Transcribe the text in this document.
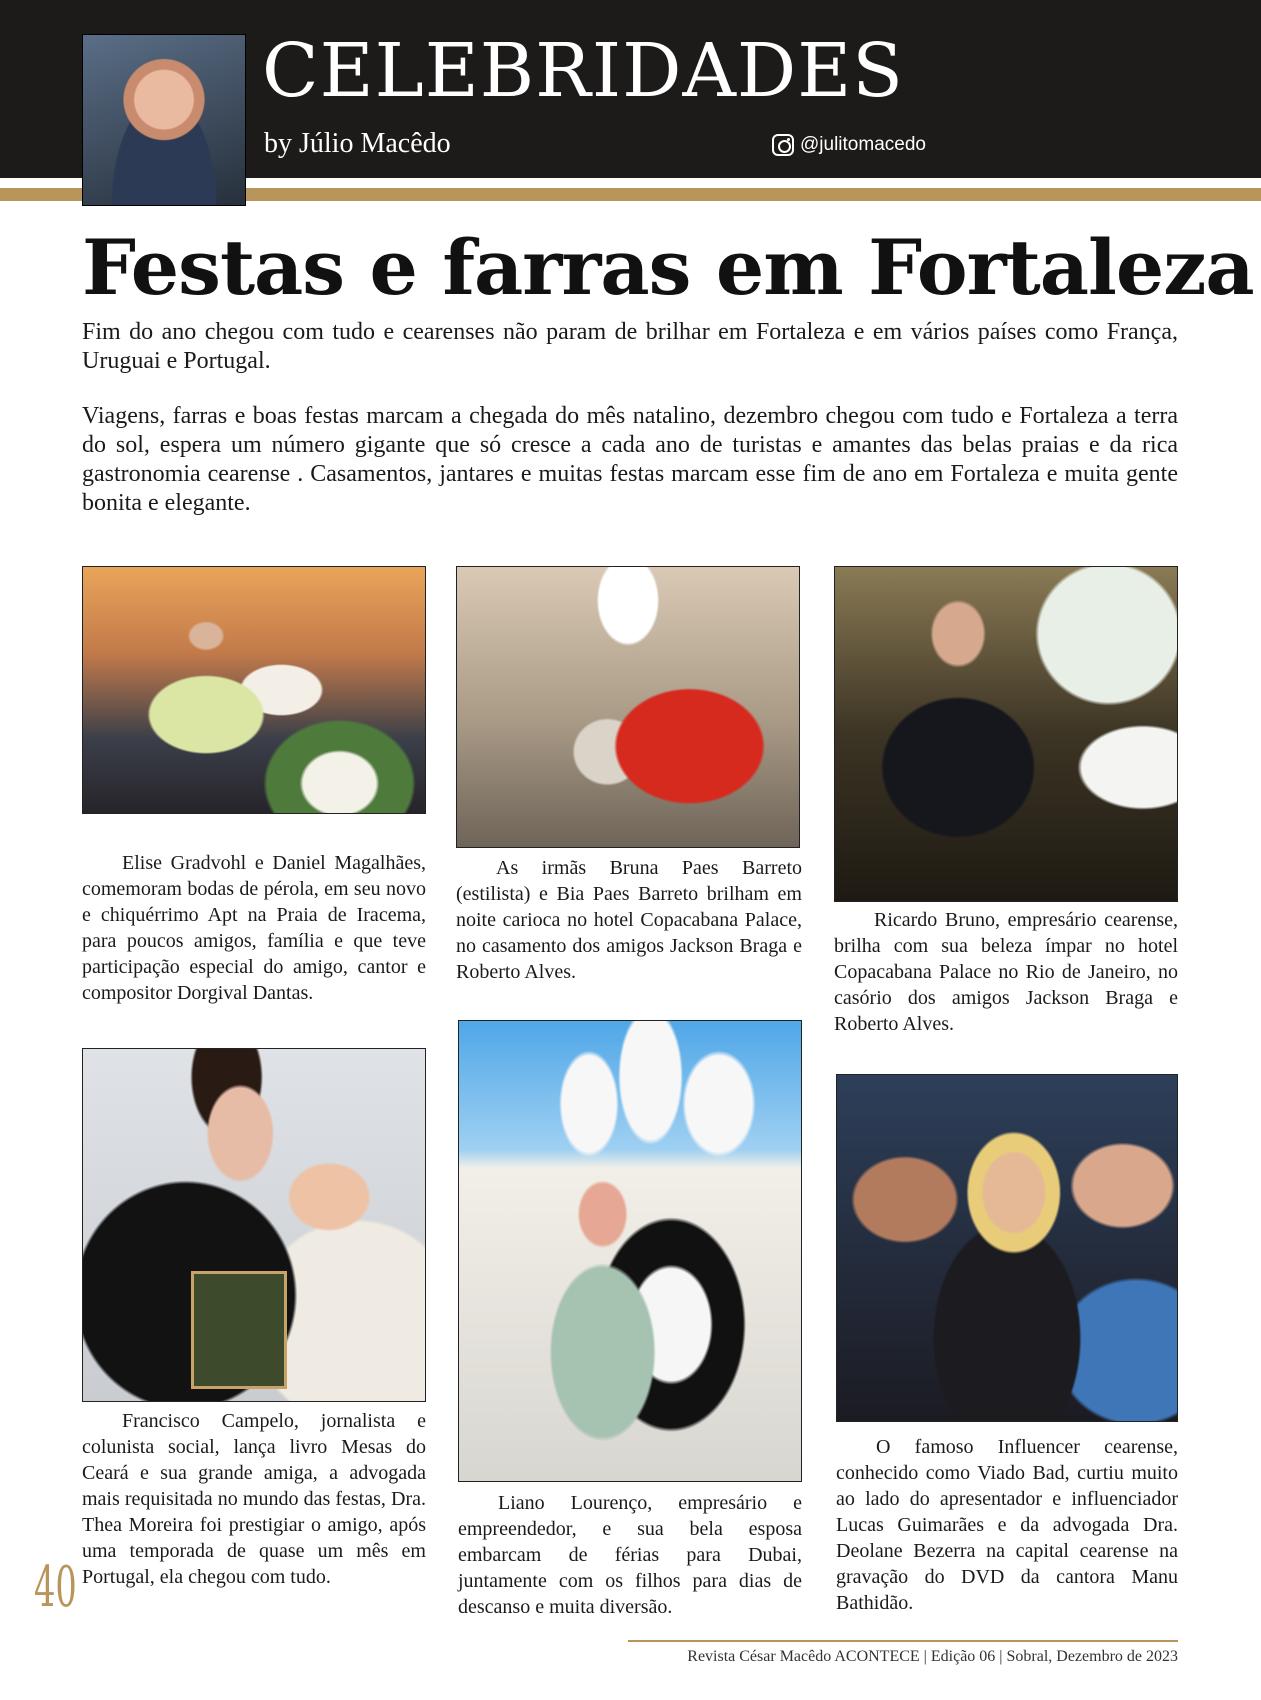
CELEBRIDADES
by Júlio Macêdo	@julitomacedo
Festas e farras em Fortaleza

Fim do ano chegou com tudo e cearenses não param de brilhar em Fortaleza e em vários países como França, Uruguai e Portugal.

Viagens, farras e boas festas marcam a chegada do mês natalino, dezembro chegou com tudo e Fortaleza a terra do sol, espera um número gigante que só cresce a cada ano de turistas e amantes das belas praias e da rica gastronomia cearense . Casamentos, jantares e muitas festas marcam esse fim de ano em Fortaleza e muita gente bonita e elegante.

Elise Gradvohl e Daniel Magalhães, comemoram bodas de pérola, em seu novo e chiquérrimo Apt na Praia de Iracema, para poucos amigos, família e que teve participação especial do amigo, cantor e compositor Dorgival Dantas.

As irmãs Bruna Paes Barreto (estilista) e Bia Paes Barreto brilham em noite carioca no hotel Copacabana Palace, no casamento dos amigos Jackson Braga e Roberto Alves.

Ricardo Bruno, empresário cearense, brilha com sua beleza ímpar no hotel Copacabana Palace no Rio de Janeiro, no casório dos amigos Jackson Braga e Roberto Alves.

Francisco Campelo, jornalista e colunista social, lança livro Mesas do Ceará e sua grande amiga, a advogada mais requisitada no mundo das festas, Dra. Thea Moreira foi prestigiar o amigo, após uma temporada de quase um mês em Portugal, ela chegou com tudo.

Liano Lourenço, empresário e empreendedor, e sua bela esposa embarcam de férias para Dubai, juntamente com os filhos para dias de descanso e muita diversão.

O famoso Influencer cearense, conhecido como Viado Bad, curtiu muito ao lado do apresentador e influenciador Lucas Guimarães e da advogada Dra. Deolane Bezerra na capital cearense na gravação do DVD da cantora Manu Bathidão.

40
Revista César Macêdo ACONTECE | Edição 06 | Sobral, Dezembro de 2023
